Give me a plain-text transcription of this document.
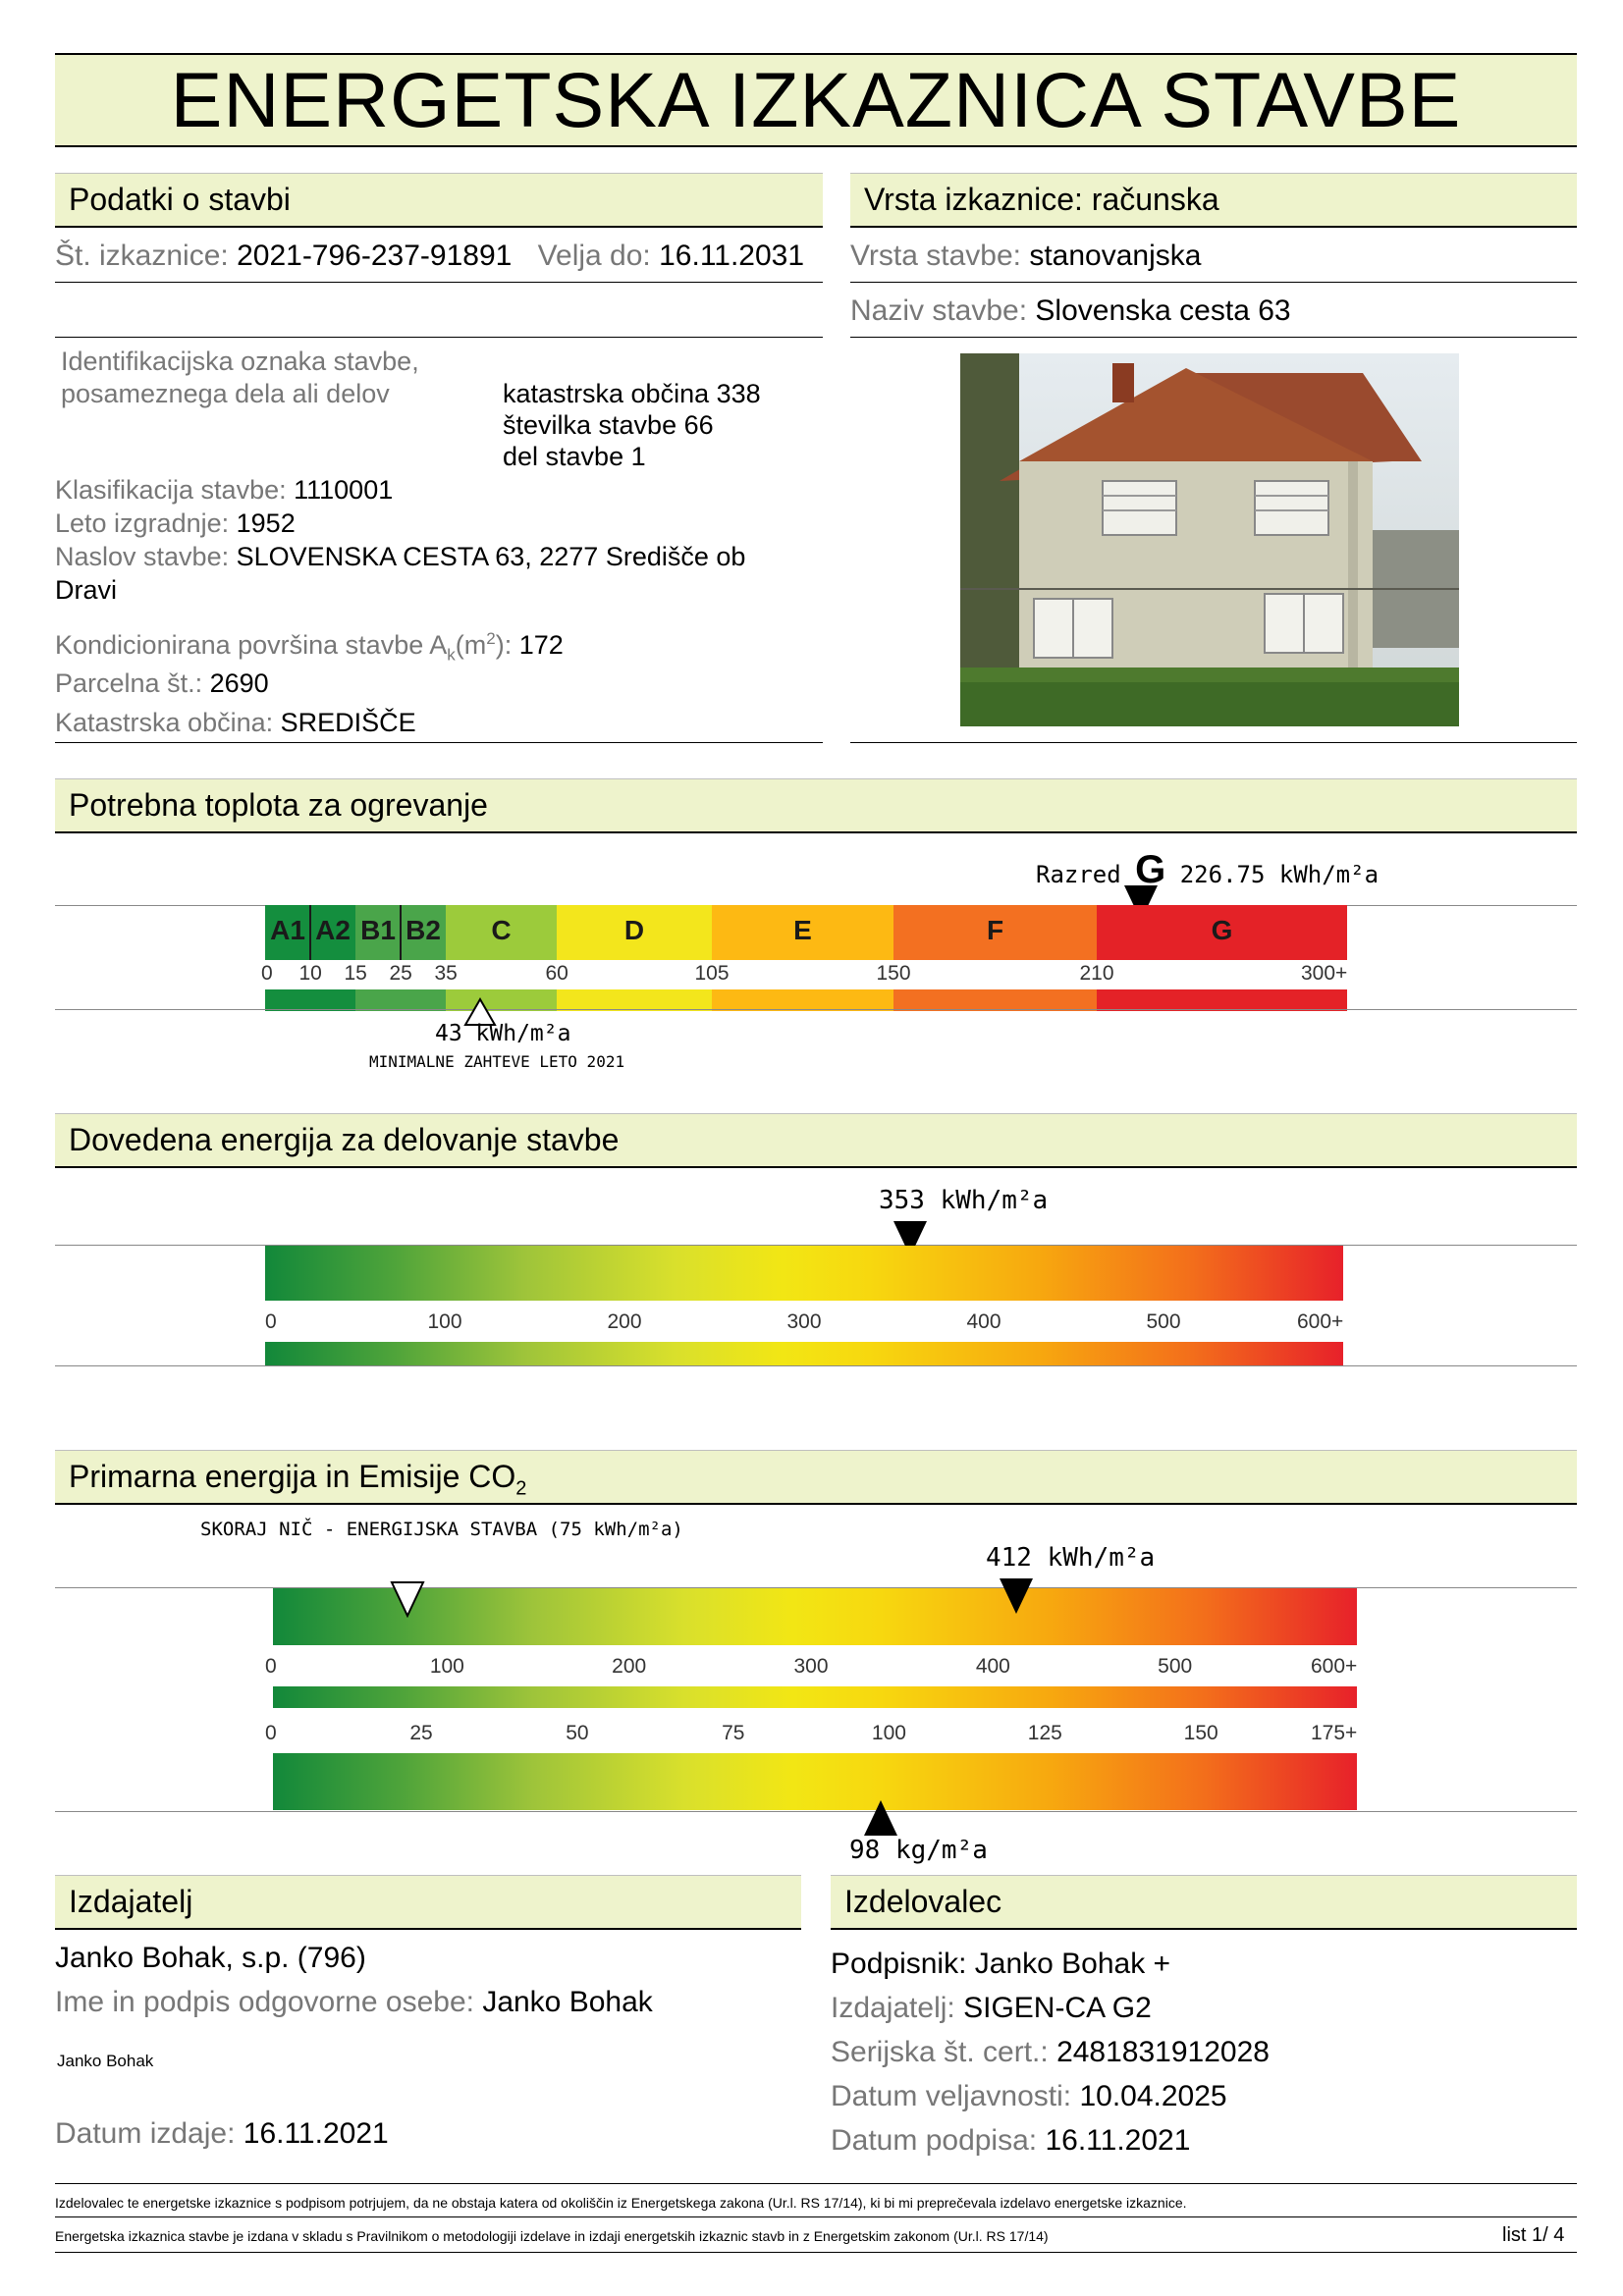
ENERGETSKA IZKAZNICA STAVBE
Podatki o stavbi
Št. izkaznice: 2021-796-237-91891 Velja do: 16.11.2031
Identifikacijska oznaka stavbe,
posameznega dela ali delov	katastrska občina 338
številka stavbe 66
del stavbe 1
Klasifikacija stavbe: 1110001
Leto izgradnje: 1952
Naslov stavbe: SLOVENSKA CESTA 63, 2277 Središče ob
Dravi
Kondicionirana površina stavbe $A_k(m^2)$: 172
Parcelna št.: 2690
Katastrska občina: SREDIŠČE
Vrsta izkaznice: računska
Vrsta stavbe: stanovanjska
Naziv stavbe: Slovenska cesta 63
Potrebna toplota za ogrevanje
Razred G 226.75 kWh/m²a
A1 A2 B1 B2	C	D	E	F	G
0 10 15 25 35	60	105	150	210	300+
43 kWh/m²a
MINIMALNE ZAHTEVE LETO 2021
Dovedena energija za delovanje stavbe
353 kWh/m²a
0	100	200	300	400	500	600+
Primarna energija in Emisije $CO_2$
SKORAJ NIČ - ENERGIJSKA STAVBA (75 kWh/m²a)
412 kWh/m²a
0	100	200	300	400	500	600+
0	25	50	75	100	125	150	175+
98 kg/m²a
Izdajatelj
Janko Bohak, s.p. (796)
Ime in podpis odgovorne osebe: Janko Bohak
Janko Bohak
Datum izdaje: 16.11.2021
Izdelovalec
Podpisnik: Janko Bohak +
Izdajatelj: SIGEN-CA G2
Serijska št. cert.: 2481831912028
Datum veljavnosti: 10.04.2025
Datum podpisa: 16.11.2021
Izdelovalec te energetske izkaznice s podpisom potrjujem, da ne obstaja katera od okoliščin iz Energetskega zakona (Ur.l. RS 17/14), ki bi mi preprečevala izdelavo energetske izkaznice.
Energetska izkaznica stavbe je izdana v skladu s Pravilnikom o metodologiji izdelave in izdaji energetskih izkaznic stavb in z Energetskim zakonom (Ur.l. RS 17/14)	list 1/ 4
